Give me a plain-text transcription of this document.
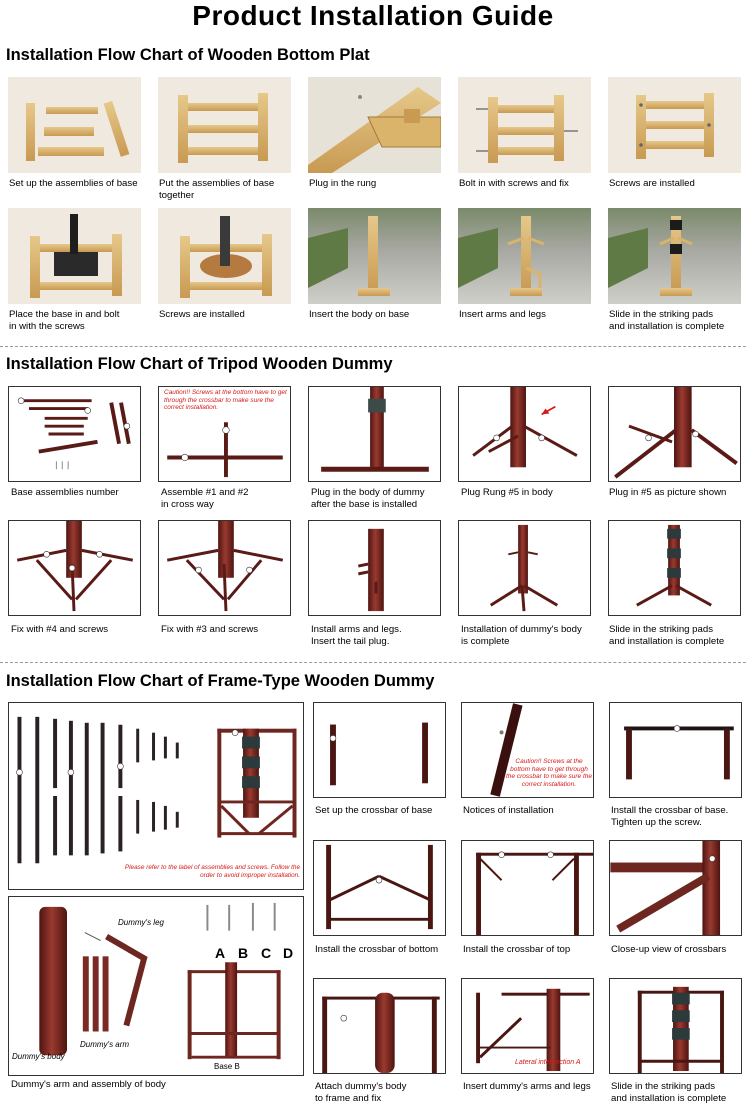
Product Installation Guide
Installation Flow Chart of Wooden Bottom Plat
Set up the assemblies of base	Put the assemblies of base
together
Plug in the rung	Bolt in with screws and fix	Screws are installed
Place the base in and bolt
in with the screws
Screws are installed	Insert the body on base	Insert arms and legs	Slide in the striking pads
and installation is complete
Installation Flow Chart of Tripod Wooden Dummy
Caution!! Screws at the bottom have to get through the crossbar to make sure the correct installation.
Base assemblies number	Assemble #1 and #2
in cross way
Plug in the body of dummy
after the base is installed
Plug Rung #5 in body	Plug in #5 as picture shown
Fix with #4 and screws	Fix with #3 and screws	Install arms and legs.
Insert the tail plug.
Installation of dummy's body
is complete
Slide in the striking pads
and installation is complete
Installation Flow Chart of Frame-Type Wooden Dummy
Please refer to the label of assemblies and screws. Follow the order to avoid improper installation.
A B C D
Dummy's leg
Dummy's arm
Dummy's body
Base B
Dummy's arm and assembly of body
Caution!! Screws at the bottom have to get through the crossbar to make sure the correct installation.
Set up the crossbar of base	Notices of installation	Install the crossbar of base.
Tighten up the screw.
Install the crossbar of bottom	Install the crossbar of top	Close-up view of crossbars
Lateral intersection A
Attach dummy's body
to frame and fix
Insert dummy's arms and legs	Slide in the striking pads
and installation is complete
